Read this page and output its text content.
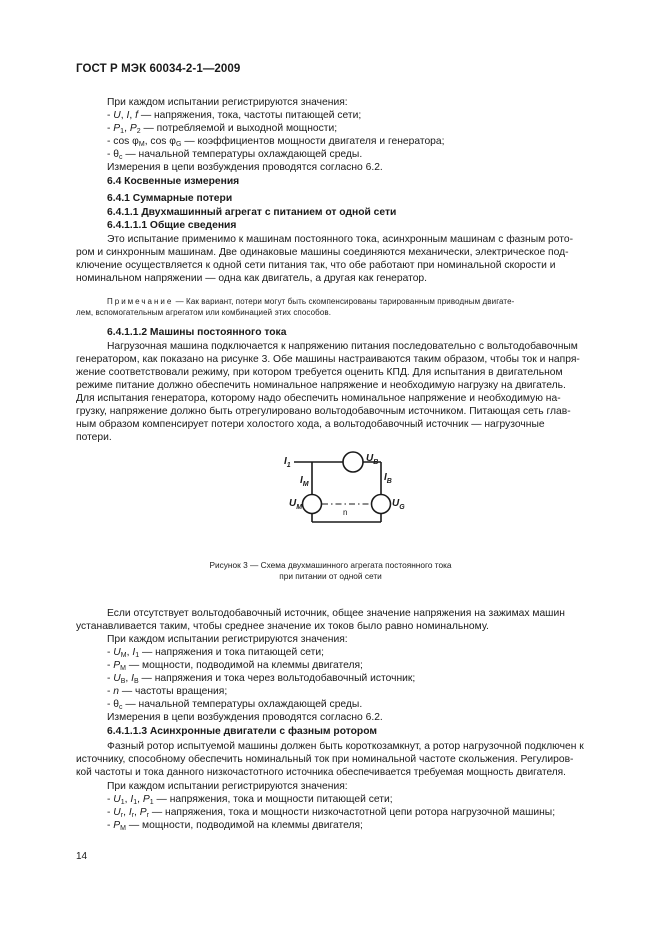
ГОСТ Р МЭК 60034-2-1—2009
При каждом испытании регистрируются значения:
- U, I, f — напряжения, тока, частоты питающей сети;
- $P_1$, $P_2$ — потребляемой и выходной мощности;
- $\cos \varphi_M$, $\cos \varphi_G$ — коэффициентов мощности двигателя и генератора;
- $\theta_c$ — начальной температуры охлаждающей среды.
Измерения в цепи возбуждения проводятся согласно 6.2.
6.4 Косвенные измерения
6.4.1 Суммарные потери
6.4.1.1 Двухмашинный агрегат с питанием от одной сети
6.4.1.1.1 Общие сведения
Это испытание применимо к машинам постоянного тока, асинхронным машинам с фазным рото-
ром и синхронным машинам. Две одинаковые машины соединяются механически, электрическое под-
ключение осуществляется к одной сети питания так, что обе работают при номинальной скорости и
номинальном напряжении — одна как двигатель, а другая как генератор.
Примечание — Как вариант, потери могут быть скомпенсированы тарированным приводным двигате-
лем, вспомогательным агрегатом или комбинацией этих способов.
6.4.1.1.2 Машины постоянного тока
Нагрузочная машина подключается к напряжению питания последовательно с вольтодобавочным
генератором, как показано на рисунке 3. Обе машины настраиваются таким образом, чтобы ток и напря-
жение соответствовали режиму, при котором требуется оценить КПД. Для испытания в двигательном
режиме питание должно обеспечить номинальное напряжение и необходимую нагрузку на двигатель.
Для испытания генератора, которому надо обеспечить номинальное напряжение и необходимую на-
грузку, напряжение должно быть отрегулировано вольтодобавочным источником. Питающая сеть глав-
ным образом компенсирует потери холостого хода, а вольтодобавочный источник — нагрузочные
потери.
$I_1$
$U_B$
$I_M$
$I_B$
$U_M$	$U_G$
n
Рисунок 3 — Схема двухмашинного агрегата постоянного тока
при питании от одной сети
Если отсутствует вольтодобавочный источник, общее значение напряжения на зажимах машин
устанавливается таким, чтобы среднее значение их токов было равно номинальному.
При каждом испытании регистрируются значения:
- $U_M$, $I_1$ — напряжения и тока питающей сети;
- $P_M$ — мощности, подводимой на клеммы двигателя;
- $U_B$, $I_B$ — напряжения и тока через вольтодобавочный источник;
- n — частоты вращения;
- $\theta_c$ — начальной температуры охлаждающей среды.
Измерения в цепи возбуждения проводятся согласно 6.2.
6.4.1.1.3 Асинхронные двигатели с фазным ротором
Фазный ротор испытуемой машины должен быть короткозамкнут, а ротор нагрузочной подключен к
источнику, способному обеспечить номинальный ток при номинальной частоте скольжения. Регулиров-
кой частоты и тока данного низкочастотного источника обеспечивается требуемая мощность двигателя.
При каждом испытании регистрируются значения:
- $U_1$, $I_1$, $P_1$ — напряжения, тока и мощности питающей сети;
- $U_r$, $I_r$, $P_r$ — напряжения, тока и мощности низкочастотной цепи ротора нагрузочной машины;
- $P_M$ — мощности, подводимой на клеммы двигателя;
14
